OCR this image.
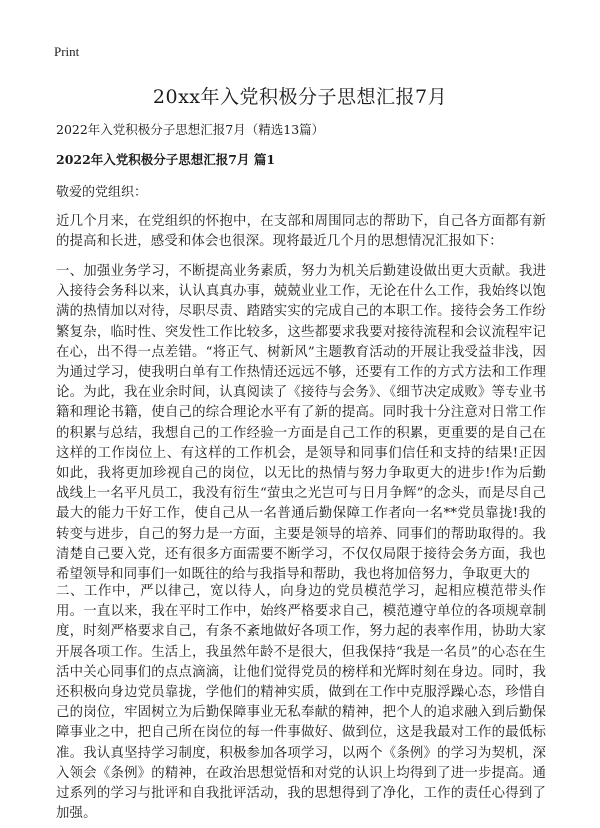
Print
20xx年入党积极分子思想汇报7月

2022年入党积极分子思想汇报7月（精选13篇）

2022年入党积极分子思想汇报7月 篇1

敬爱的党组织：

近几个月来，在党组织的怀抱中，在支部和周围同志的帮助下，自己各方面都有新的提高和长进，感受和体会也很深。现将最近几个月的思想情况汇报如下：

一、加强业务学习，不断提高业务素质，努力为机关后勤建设做出更大贡献。我进入接待会务科以来，认认真真办事，兢兢业业工作，无论在什么工作，我始终以饱满的热情加以对待，尽职尽责、踏踏实实的完成自己的本职工作。接待会务工作纷繁复杂，临时性、突发性工作比较多，这些都要求我要对接待流程和会议流程牢记在心，出不得一点差错。“将正气、树新风”主题教育活动的开展让我受益非浅，因为通过学习，使我明白单有工作热情还远远不够，还要有工作的方式方法和工作理论。为此，我在业余时间，认真阅读了《接待与会务》、《细节决定成败》等专业书籍和理论书籍，使自己的综合理论水平有了新的提高。同时我十分注意对日常工作的积累与总结，我想自己的工作经验一方面是自己工作的积累，更重要的是自己在这样的工作岗位上、有这样的工作机会，是领导和同事们信任和支持的结果!正因如此，我将更加珍视自己的岗位，以无比的热情与努力争取更大的进步!作为后勤战线上一名平凡员工，我没有衍生“萤虫之光岂可与日月争辉”的念头，而是尽自己最大的能力干好工作，使自己从一名普通后勤保障工作者向一名**党员靠拢!我的转变与进步，自己的努力是一方面，主要是领导的培养、同事们的帮助取得的。我清楚自己要入党，还有很多方面需要不断学习，不仅仅局限于接待会务方面，我也希望领导和同事们一如既往的给与我指导和帮助，我也将加倍努力，争取更大的

二、工作中，严以律己，宽以待人，向身边的党员模范学习，起相应模范带头作用。一直以来，我在平时工作中，始终严格要求自己，模范遵守单位的各项规章制度，时刻严格要求自己，有条不紊地做好各项工作，努力起的表率作用，协助大家开展各项工作。生活上，我虽然年龄不是很大，但我保持“我是一名员”的心态在生活中关心同事们的点点滴滴，让他们觉得党员的榜样和光辉时刻在身边。同时，我还积极向身边党员靠拢，学他们的精神实质，做到在工作中克服浮躁心态，珍惜自己的岗位，牢固树立为后勤保障事业无私奉献的精神，把个人的追求融入到后勤保障事业之中，把自己所在岗位的每一件事做好、做到位，这是我最对工作的最低标准。我认真坚持学习制度，积极参加各项学习，以两个《条例》的学习为契机，深入领会《条例》的精神，在政治思想觉悟和对党的认识上均得到了进一步提高。通过系列的学习与批评和自我批评活动，我的思想得到了净化，工作的责任心得到了加强。
